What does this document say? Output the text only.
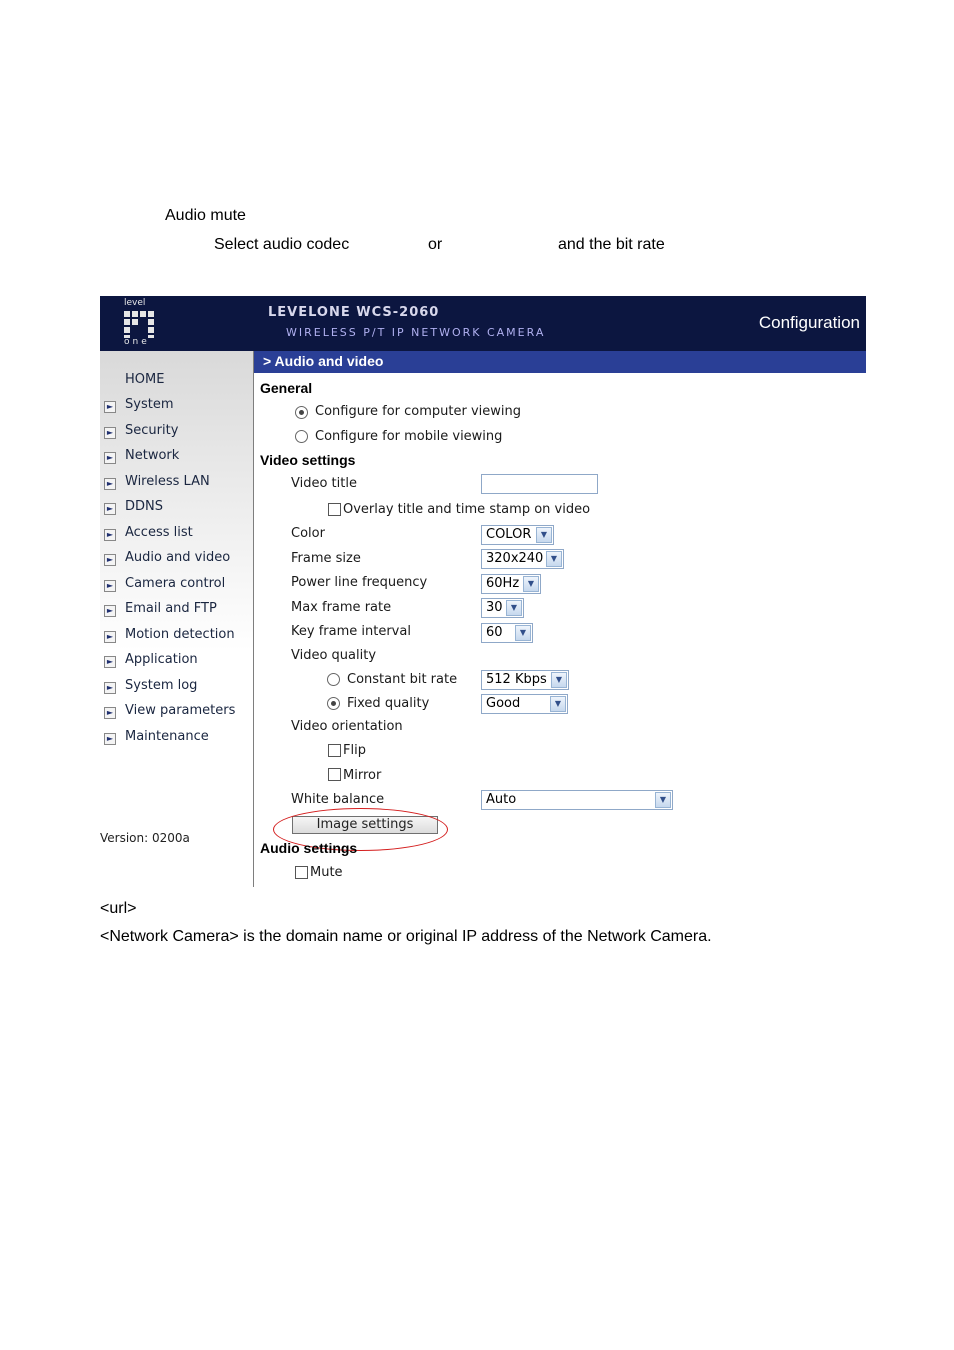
Audio mute
Select audio codec	or	and the bit rate
level
one
LEVELONE WCS-2060
WIRELESS P/T IP NETWORK CAMERA
Configuration
HOME
► System
► Security
► Network
► Wireless LAN
► DDNS
► Access list
► Audio and video
► Camera control
► Email and FTP
► Motion detection
► Application
► System log
► View parameters
► Maintenance
Version: 0200a
> Audio and video
General
Configure for computer viewing
Configure for mobile viewing
Video settings
Video title
Overlay title and time stamp on video
Color	COLOR	▼
Frame size	320x240 ▼
Power line frequency	60Hz	▼
Max frame rate	30	▼
Key frame interval	60	▼
Video quality
Constant bit rate 512 Kbps	▼
Fixed quality	Good	▼
Video orientation
Flip
Mirror
White balance	Auto	▼
Image settings
Audio settings
Mute
<url>
<Network Camera> is the domain name or original IP address of the Network Camera.
